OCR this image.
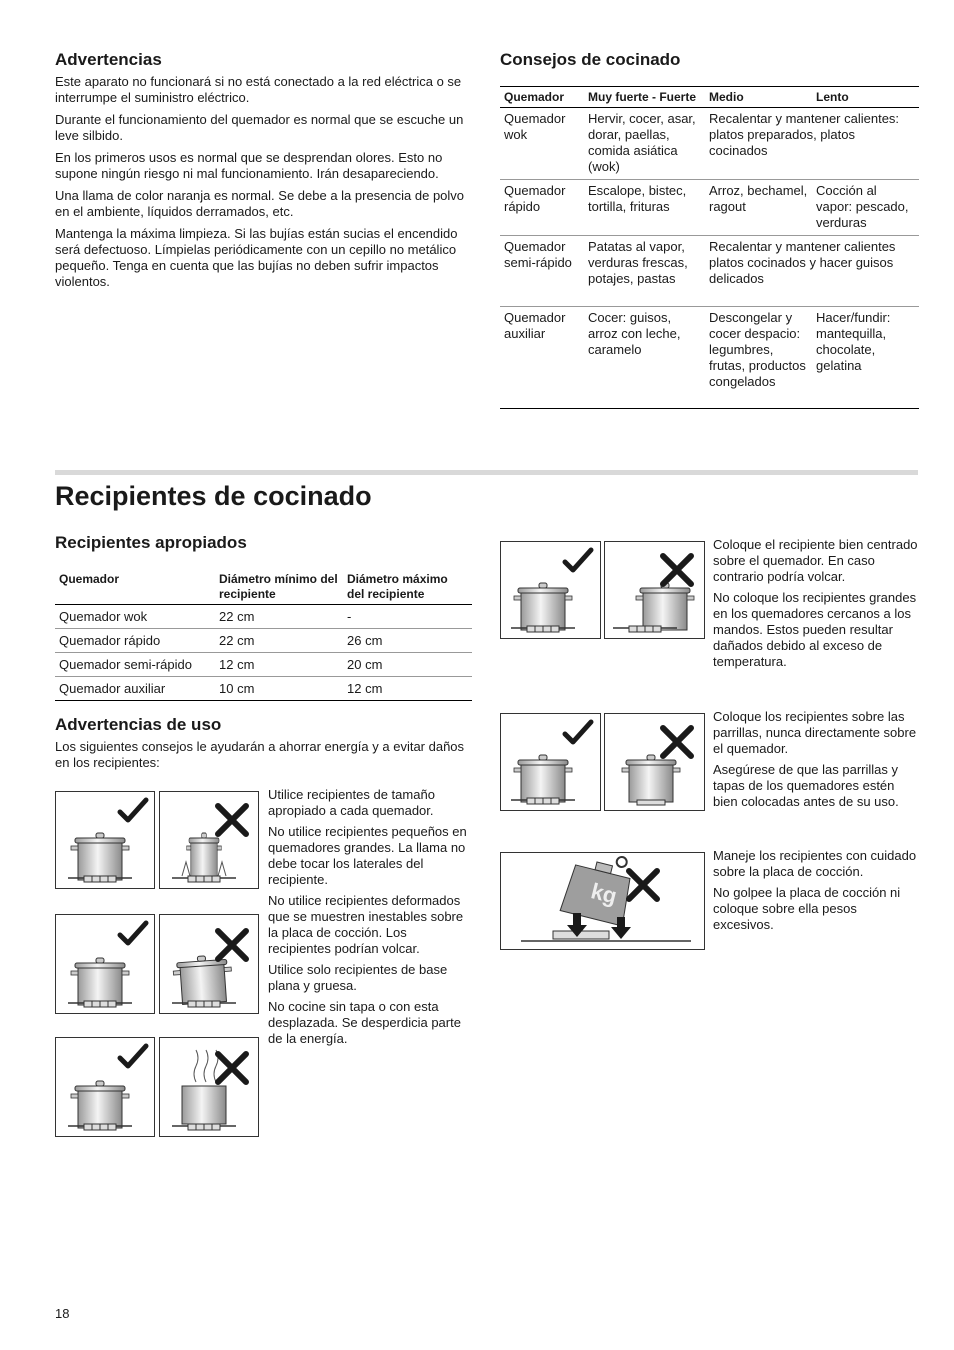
Advertencias

Este aparato no funcionará si no está conectado a la red eléctrica o se interrumpe el suministro eléctrico.

Durante el funcionamiento del quemador es normal que se escuche un leve silbido.

En los primeros usos es normal que se desprendan olores. Esto no supone ningún riesgo ni mal funcionamiento. Irán desapareciendo.

Una llama de color naranja es normal. Se debe a la presencia de polvo en el ambiente, líquidos derramados, etc.

Mantenga la máxima limpieza. Si las bujías están sucias el encendido será defectuoso. Límpielas periódicamente con un cepillo no metálico pequeño. Tenga en cuenta que las bujías no deben sufrir impactos violentos.

Consejos de cocinado
Quemador	Muy fuerte - Fuerte	Medio	Lento
Quemador wok	Hervir, cocer, asar, dorar, paellas, comida asiática (wok)	Recalentar y mantener calientes: platos preparados, platos cocinados	
Quemador rápido	Escalope, bistec, tortilla, frituras	Arroz, bechamel, ragout	Cocción al vapor: pescado, verduras
Quemador semi-rápido	Patatas al vapor, verduras frescas, potajes, pastas	Recalentar y mantener calientes platos cocinados y hacer guisos delicados	
Quemador auxiliar	Cocer: guisos, arroz con leche, caramelo	Descongelar y cocer despacio: legumbres, frutas, productos congelados	Hacer/fundir: mantequilla, chocolate, gelatina
Recipientes de cocinado
Recipientes apropiados
Quemador	Diámetro mínimo del recipiente	Diámetro máximo del recipiente
Quemador wok	22 cm	-
Quemador rápido	22 cm	26 cm
Quemador semi-rápido	12 cm	20 cm
Quemador auxiliar	10 cm	12 cm
Advertencias de uso

Los siguientes consejos le ayudarán a ahorrar energía y a evitar daños en los recipientes:

Utilice recipientes de tamaño apropiado a cada quemador.

No utilice recipientes pequeños en quemadores grandes. La llama no debe tocar los laterales del recipiente.

No utilice recipientes deformados que se muestren inestables sobre la placa de cocción. Los recipientes podrían volcar.

Utilice solo recipientes de base plana y gruesa.

No cocine sin tapa o con esta desplazada. Se desperdicia parte de la energía.

kg

Coloque el recipiente bien centrado sobre el quemador. En caso contrario podría volcar.

No coloque los recipientes grandes en los quemadores cercanos a los mandos. Estos pueden resultar dañados debido al exceso de temperatura.

Coloque los recipientes sobre las parrillas, nunca directamente sobre el quemador.

Asegúrese de que las parrillas y tapas de los quemadores estén bien colocadas antes de su uso.

Maneje los recipientes con cuidado sobre la placa de cocción.

No golpee la placa de cocción ni coloque sobre ella pesos excesivos.

18
